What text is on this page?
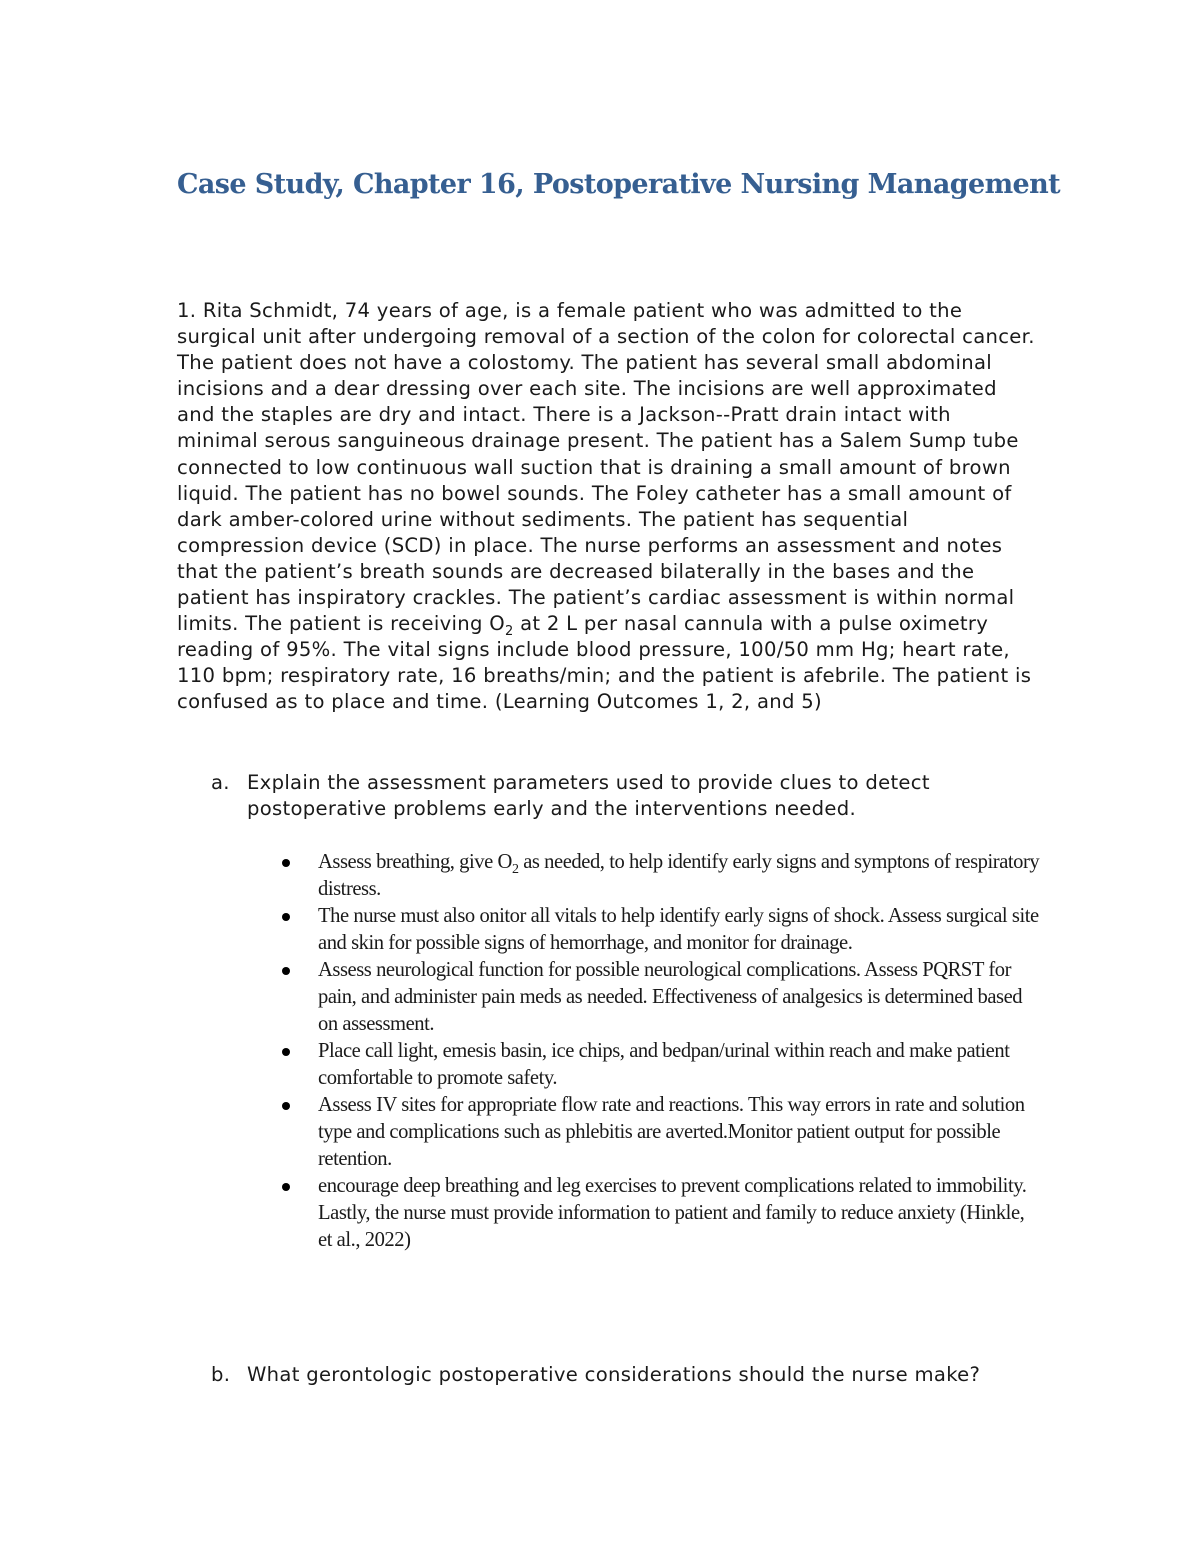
Case Study, Chapter 16, Postoperative Nursing Management

1. Rita Schmidt, 74 years of age, is a female patient who was admitted to the surgical unit after undergoing removal of a section of the colon for colorectal cancer. The patient does not have a colostomy. The patient has several small abdominal incisions and a dear dressing over each site. The incisions are well approximated and the staples are dry and intact. There is a Jackson--Pratt drain intact with minimal serous sanguineous drainage present. The patient has a Salem Sump tube connected to low continuous wall suction that is draining a small amount of brown liquid. The patient has no bowel sounds. The Foley catheter has a small amount of dark amber-colored urine without sediments. The patient has sequential compression device (SCD) in place. The nurse performs an assessment and notes that the patient’s breath sounds are decreased bilaterally in the bases and the patient has inspiratory crackles. The patient’s cardiac assessment is within normal limits. The patient is receiving $O_2$ at 2 L per nasal cannula with a pulse oximetry reading of 95%. The vital signs include blood pressure, 100/50 mm Hg; heart rate, 110 bpm; respiratory rate, 16 breaths/min; and the patient is afebrile. The patient is confused as to place and time. (Learning Outcomes 1, 2, and 5)

a. Explain the assessment parameters used to provide clues to detect postoperative problems early and the interventions needed.
Assess breathing, give $O_2$ as needed, to help identify early signs and symptons of respiratory distress.
The nurse must also onitor all vitals to help identify early signs of shock. Assess surgical site and skin for possible signs of hemorrhage, and monitor for drainage.
Assess neurological function for possible neurological complications. Assess PQRST for pain, and administer pain meds as needed. Effectiveness of analgesics is determined based on assessment.
Place call light, emesis basin, ice chips, and bedpan/urinal within reach and make patient comfortable to promote safety.
Assess IV sites for appropriate flow rate and reactions. This way errors in rate and solution type and complications such as phlebitis are averted.Monitor patient output for possible retention.
encourage deep breathing and leg exercises to prevent complications related to immobility. Lastly, the nurse must provide information to patient and family to reduce anxiety (Hinkle, et al., 2022)
b. What gerontologic postoperative considerations should the nurse make?
